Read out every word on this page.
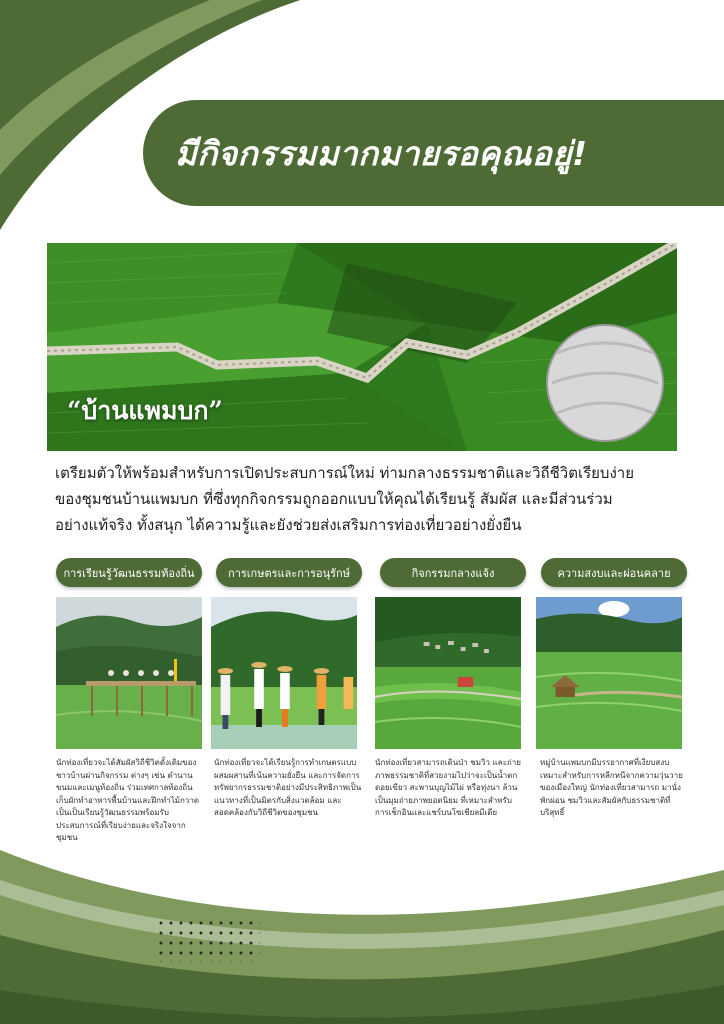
มีกิจกรรมมากมายรอคุณอยู่!
“บ้านแพมบก”
เตรียมตัวให้พร้อมสำหรับการเปิดประสบการณ์ใหม่ ท่ามกลางธรรมชาติและวิถีชีวิตเรียบง่าย
ของชุมชนบ้านแพมบก ที่ซึ่งทุกกิจกรรมถูกออกแบบให้คุณได้เรียนรู้ สัมผัส และมีส่วนร่วม
อย่างแท้จริง ทั้งสนุก ได้ความรู้และยังช่วยส่งเสริมการท่องเที่ยวอย่างยั่งยืน
การเรียนรู้วัฒนธรรมท้องถิ่น	การเกษตรและการอนุรักษ์	กิจกรรมกลางแจ้ง	ความสงบและผ่อนคลาย
นักท่องเที่ยวจะได้สัมผัสวิถีชีวิตดั้งเดิมของชาวบ้านผ่านกิจกรรม ต่างๆ เช่น ตำนานขนมและเมนูท้องถิ่น ร่วมเทศกาลท้องถิ่น เก็บผักทำอาหารพื้นบ้านและฝึกทำไม้กวาดเป็นเป็นเรียนรู้วัฒนธรรมพร้อมรับประสบการณ์ที่เรียบง่ายและจริงใจจากชุมชน
นักท่องเที่ยวจะได้เรียนรู้การทำเกษตรแบบผสมผสานที่เน้นความยั่งยืน และการจัดการทรัพยากรธรรมชาติอย่างมีประสิทธิภาพเป็นแนวทางที่เป็นมิตรกับสิ่งแวดล้อม และสอดคล้องกับวิถีชีวิตของชุมชน
นักท่องเที่ยวสามารถเดินป่า ชมวิว และถ่ายภาพธรรมชาติที่สวยงามไปว่าจะเป็นน้ำตก ดอยเขียว สะพานบุญไม้ไผ่ หรือทุ่งนา ล้วนเป็นมุมถ่ายภาพยอดนิยม ที่เหมาะสำหรับการเช็กอินและแชร์บนโซเชียลมีเดีย
หมู่บ้านแพมบกมีบรรยากาศที่เงียบสงบ เหมาะสำหรับการหลีกหนีจากความวุ่นวายของเมืองใหญ่ นักท่องเที่ยวสามารถ มานั่งพักผ่อน ชมวิวและสัมผัสกับธรรมชาติที่บริสุทธิ์
